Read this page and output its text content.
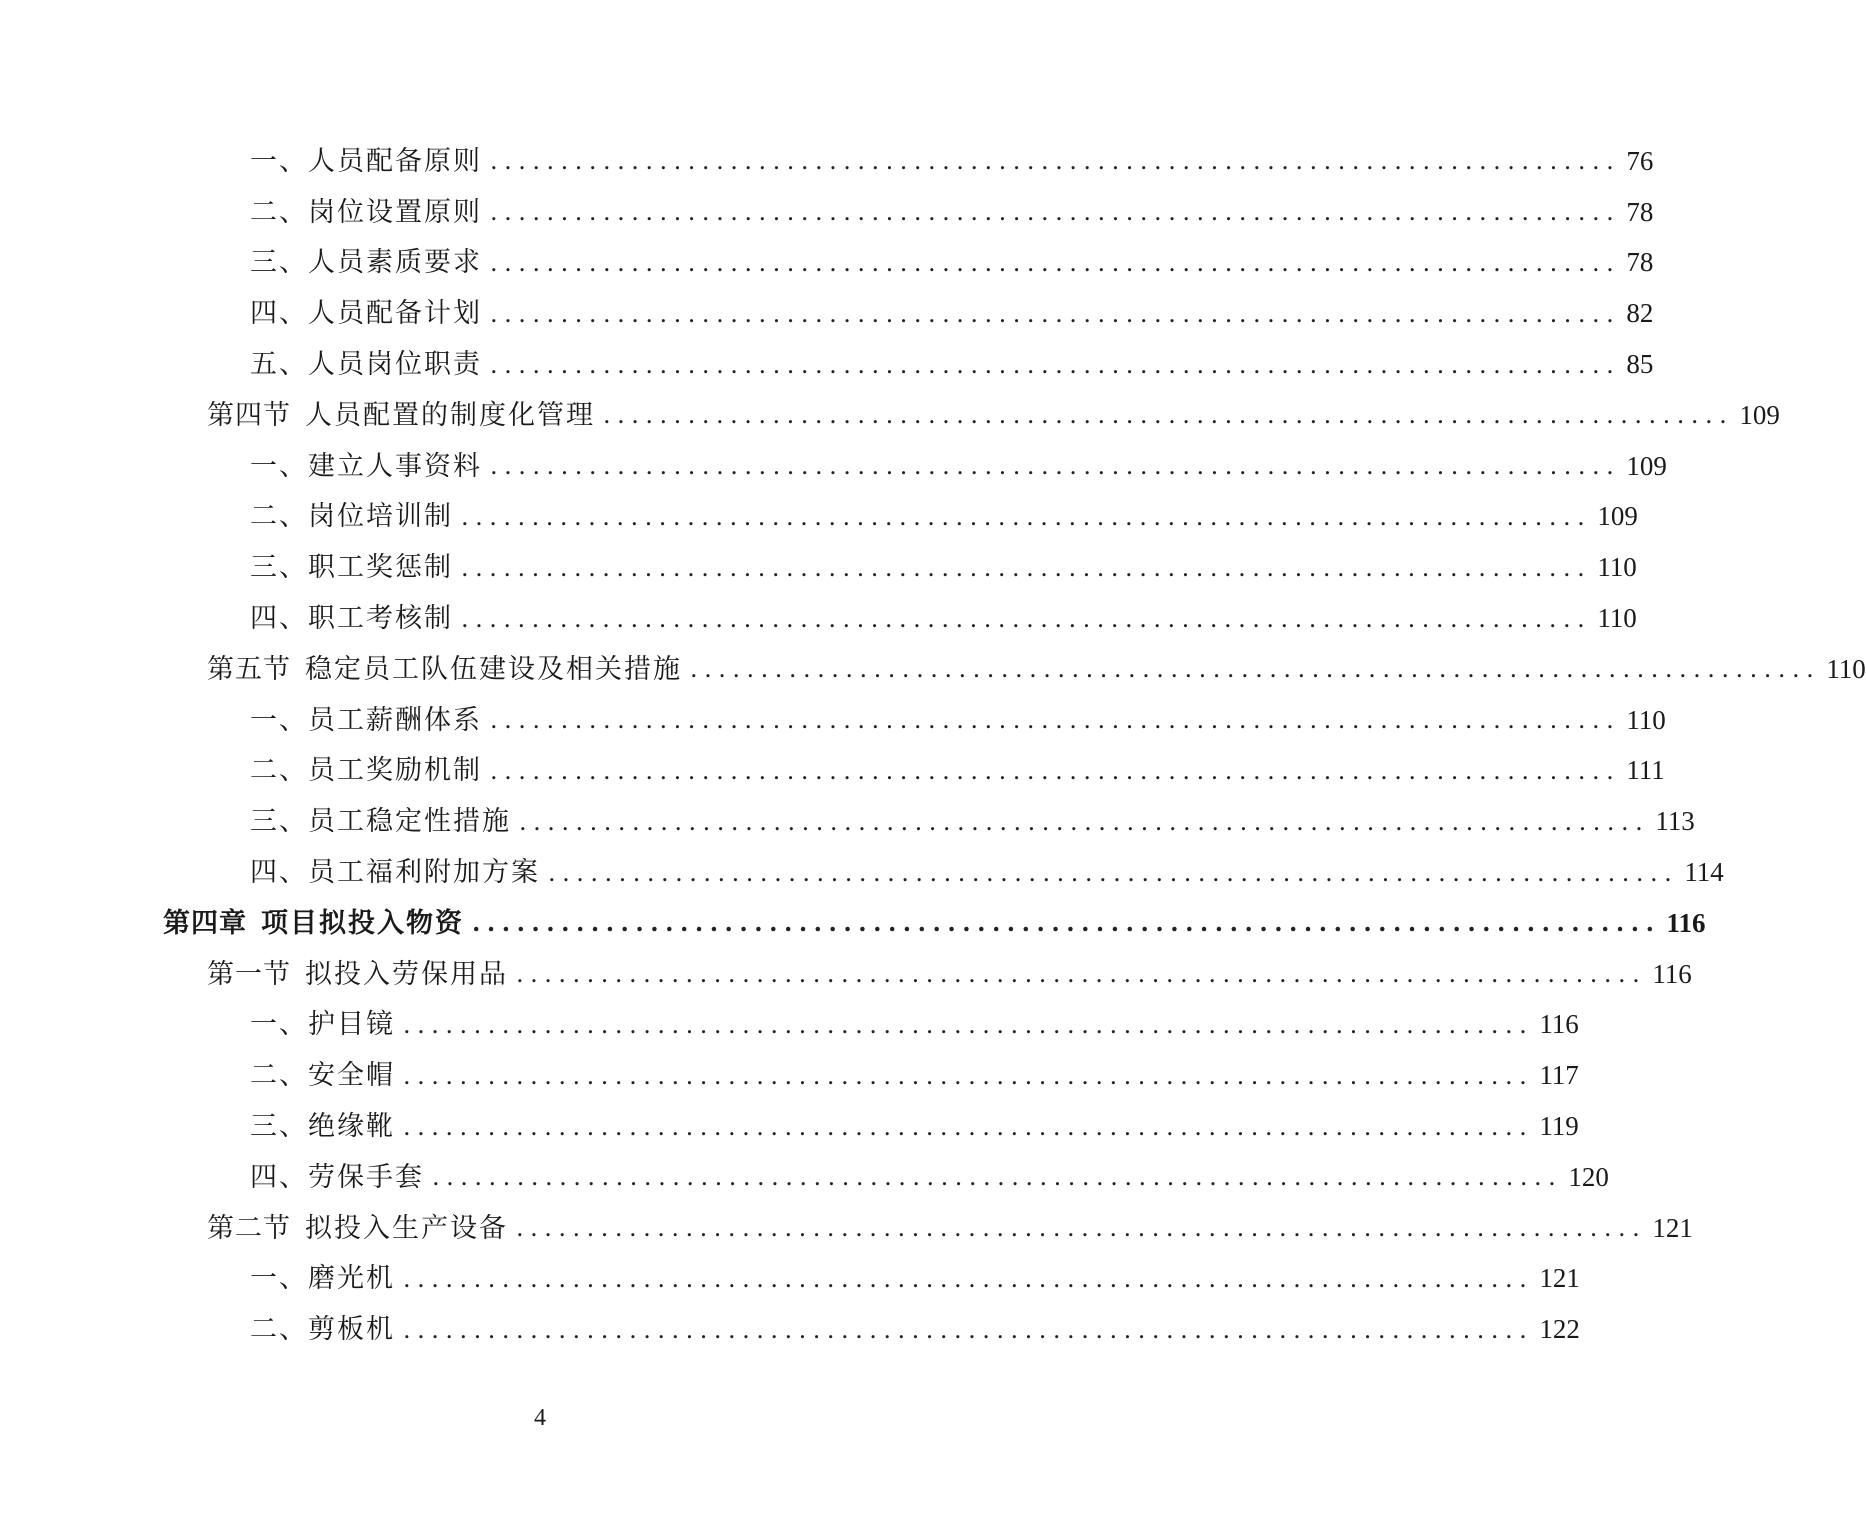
一、 人员配备原则 ................................................................................ 76
二、 岗位设置原则 ................................................................................ 78
三、 人员素质要求 ................................................................................ 78
四、 人员配备计划 ................................................................................ 82
五、 人员岗位职责 ................................................................................ 85
第四节 人员配置的制度化管理 ................................................................................ 109
一、 建立人事资料 ................................................................................ 109
二、 岗位培训制 ................................................................................ 109
三、 职工奖惩制 ................................................................................ 110
四、 职工考核制 ................................................................................ 110
第五节 稳定员工队伍建设及相关措施 ................................................................................ 110
一、 员工薪酬体系 ................................................................................ 110
二、 员工奖励机制 ................................................................................ 111
三、 员工稳定性措施 ................................................................................ 113
四、 员工福利附加方案 ................................................................................ 114
第四章 项目拟投入物资 ................................................................................ 116
第一节 拟投入劳保用品 ................................................................................ 116
一、 护目镜 ................................................................................ 116
二、 安全帽 ................................................................................ 117
三、 绝缘靴 ................................................................................ 119
四、 劳保手套 ................................................................................ 120
第二节 拟投入生产设备 ................................................................................ 121
一、 磨光机 ................................................................................ 121
二、 剪板机 ................................................................................ 122
4
